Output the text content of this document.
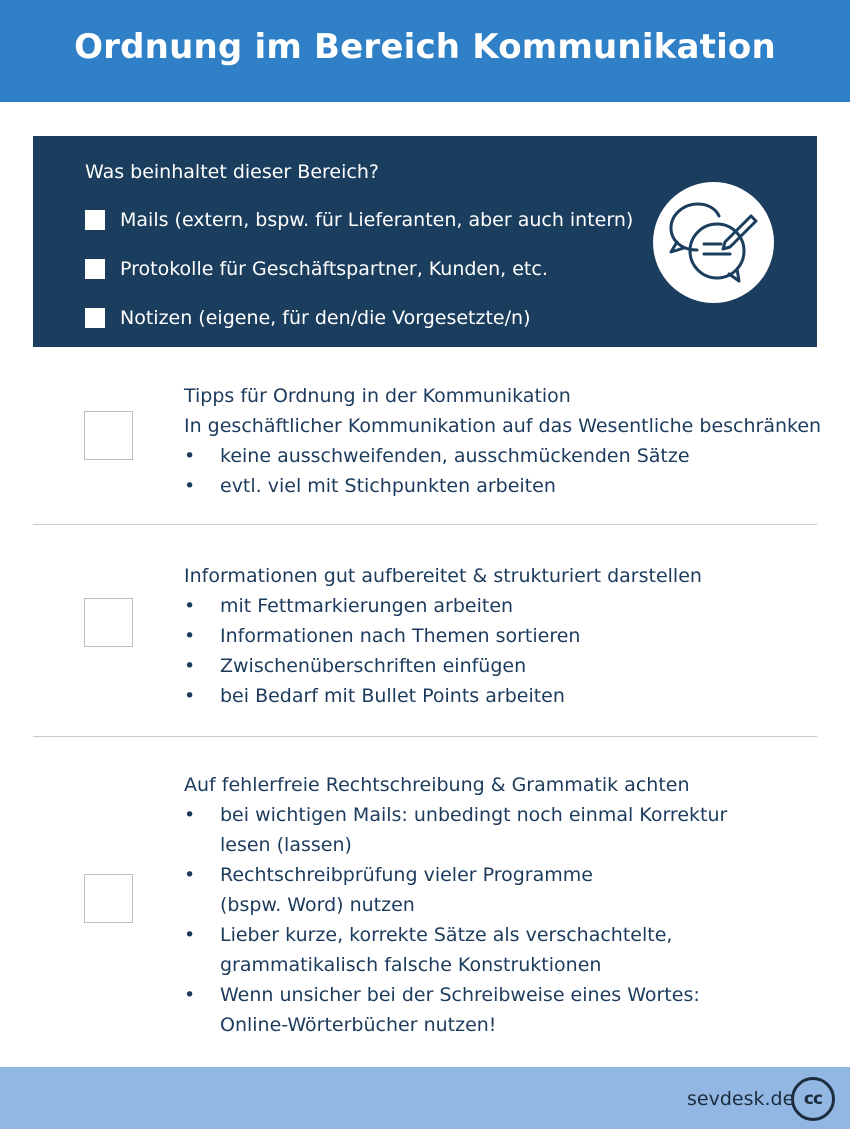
Ordnung im Bereich Kommunikation
Was beinhaltet dieser Bereich?
Mails (extern, bspw. für Lieferanten, aber auch intern)
Protokolle für Geschäftspartner, Kunden, etc.
Notizen (eigene, für den/die Vorgesetzte/n)
Tipps für Ordnung in der Kommunikation
In geschäftlicher Kommunikation auf das Wesentliche beschränken
• keine ausschweifenden, ausschmückenden Sätze
• evtl. viel mit Stichpunkten arbeiten
Informationen gut aufbereitet & strukturiert darstellen
• mit Fettmarkierungen arbeiten
• Informationen nach Themen sortieren
• Zwischenüberschriften einfügen
• bei Bedarf mit Bullet Points arbeiten
Auf fehlerfreie Rechtschreibung & Grammatik achten
• bei wichtigen Mails: unbedingt noch einmal Korrektur
lesen (lassen)
• Rechtschreibprüfung vieler Programme
(bspw. Word) nutzen
• Lieber kurze, korrekte Sätze als verschachtelte,
grammatikalisch falsche Konstruktionen
• Wenn unsicher bei der Schreibweise eines Wortes:
Online-Wörterbücher nutzen!
sevdesk.de cc
